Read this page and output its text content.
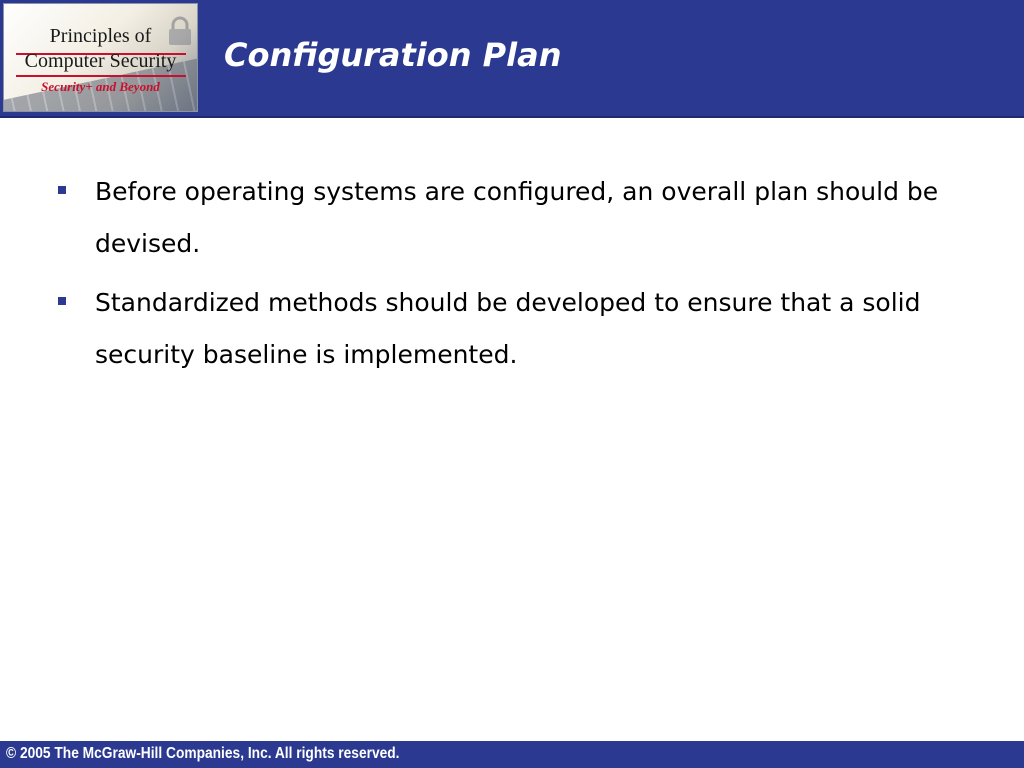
Principles of
Computer Security
Security+ and Beyond
Configuration Plan
Before operating systems are configured, an overall plan should be devised.
Standardized methods should be developed to ensure that a solid security baseline is implemented.
© 2005 The McGraw-Hill Companies, Inc. All rights reserved.
